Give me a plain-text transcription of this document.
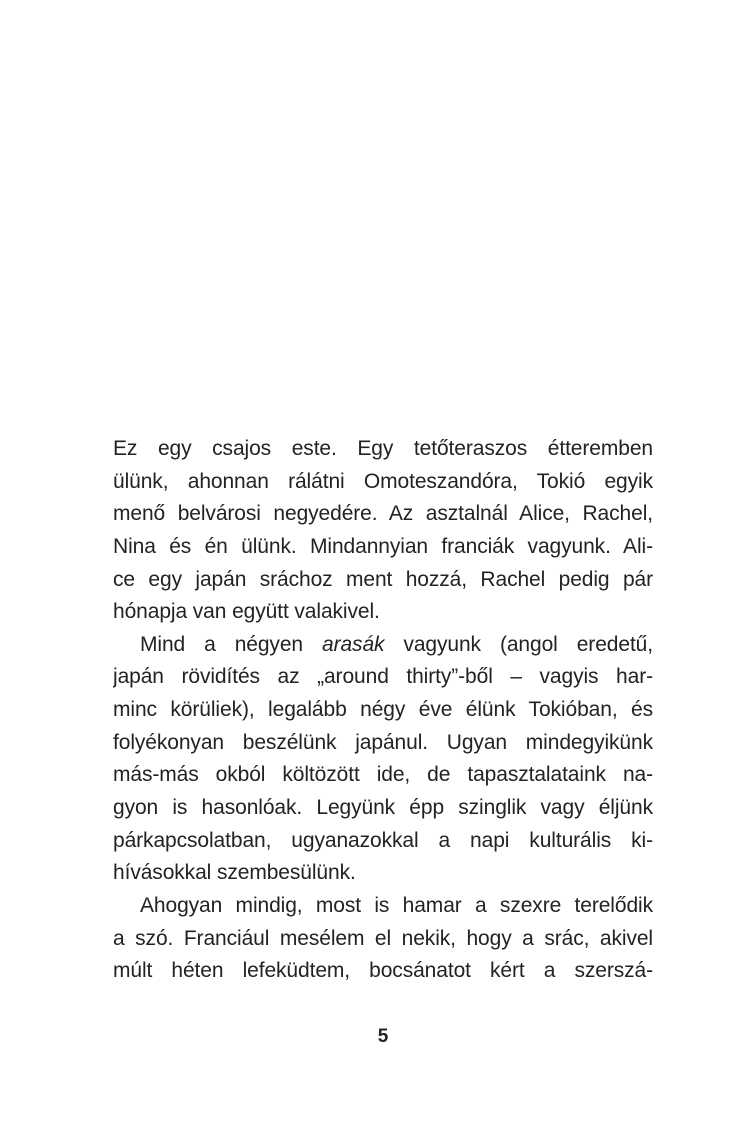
Ez egy csajos este. Egy tetőteraszos étteremben
ülünk, ahonnan rálátni Omoteszandóra, Tokió egyik
menő belvárosi negyedére. Az asztalnál Alice, Rachel,
Nina és én ülünk. Mindannyian franciák vagyunk. Ali-
ce egy japán sráchoz ment hozzá, Rachel pedig pár
hónapja van együtt valakivel.
Mind a négyen arasák vagyunk (angol eredetű,
japán rövidítés az „around thirty”-ből – vagyis har-
minc körüliek), legalább négy éve élünk Tokióban, és
folyékonyan beszélünk japánul. Ugyan mindegyikünk
más-más okból költözött ide, de tapasztalataink na-
gyon is hasonlóak. Legyünk épp szinglik vagy éljünk
párkapcsolatban, ugyanazokkal a napi kulturális ki-
hívásokkal szembesülünk.
Ahogyan mindig, most is hamar a szexre terelődik
a szó. Franciául mesélem el nekik, hogy a srác, akivel
múlt héten lefeküdtem, bocsánatot kért a szerszá-
5
